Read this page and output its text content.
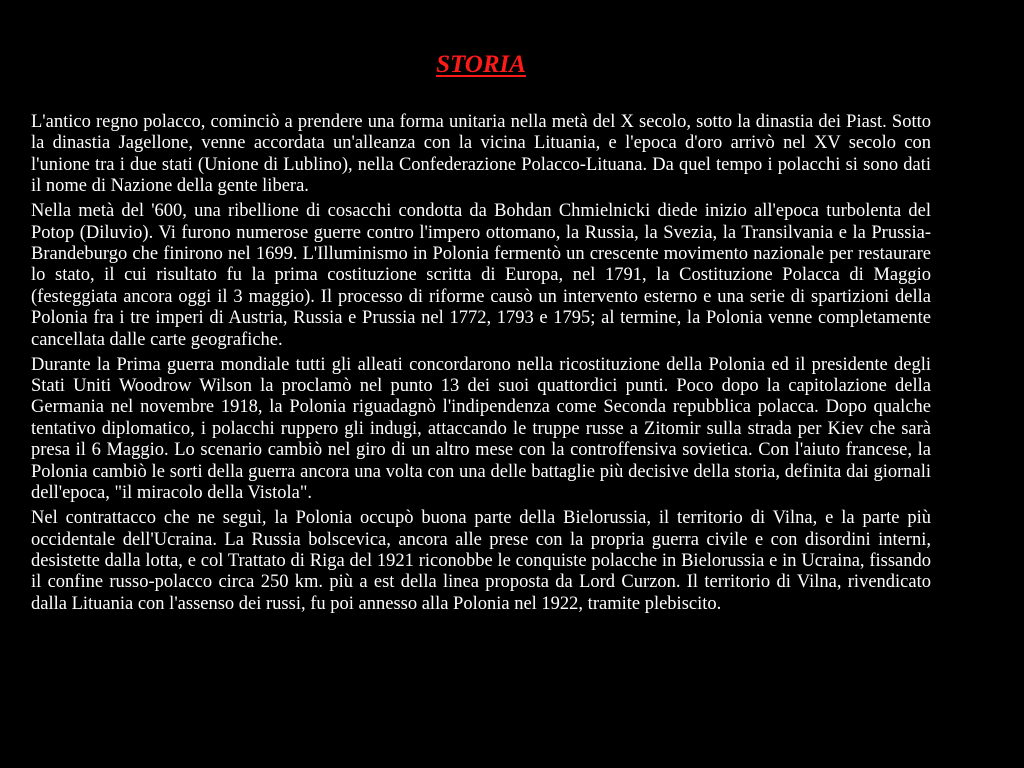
STORIA

L'antico regno polacco, cominciò a prendere una forma unitaria nella metà del X secolo, sotto la dinastia dei Piast. Sotto la dinastia Jagellone, venne accordata un'alleanza con la vicina Lituania, e l'epoca d'oro arrivò nel XV secolo con l'unione tra i due stati (Unione di Lublino), nella Confederazione Polacco-Lituana. Da quel tempo i polacchi si sono dati il nome di Nazione della gente libera.

Nella metà del '600, una ribellione di cosacchi condotta da Bohdan Chmielnicki diede inizio all'epoca turbolenta del Potop (Diluvio). Vi furono numerose guerre contro l'impero ottomano, la Russia, la Svezia, la Transilvania e la Prussia-Brandeburgo che finirono nel 1699. L'Illuminismo in Polonia fermentò un crescente movimento nazionale per restaurare lo stato, il cui risultato fu la prima costituzione scritta di Europa, nel 1791, la Costituzione Polacca di Maggio (festeggiata ancora oggi il 3 maggio). Il processo di riforme causò un intervento esterno e una serie di spartizioni della Polonia fra i tre imperi di Austria, Russia e Prussia nel 1772, 1793 e 1795; al termine, la Polonia venne completamente cancellata dalle carte geografiche.

Durante la Prima guerra mondiale tutti gli alleati concordarono nella ricostituzione della Polonia ed il presidente degli Stati Uniti Woodrow Wilson la proclamò nel punto 13 dei suoi quattordici punti. Poco dopo la capitolazione della Germania nel novembre 1918, la Polonia riguadagnò l'indipendenza come Seconda repubblica polacca. Dopo qualche tentativo diplomatico, i polacchi ruppero gli indugi, attaccando le truppe russe a Zitomir sulla strada per Kiev che sarà presa il 6 Maggio. Lo scenario cambiò nel giro di un altro mese con la controffensiva sovietica. Con l'aiuto francese, la Polonia cambiò le sorti della guerra ancora una volta con una delle battaglie più decisive della storia, definita dai giornali dell'epoca, "il miracolo della Vistola".

Nel contrattacco che ne seguì, la Polonia occupò buona parte della Bielorussia, il territorio di Vilna, e la parte più occidentale dell'Ucraina. La Russia bolscevica, ancora alle prese con la propria guerra civile e con disordini interni, desistette dalla lotta, e col Trattato di Riga del 1921 riconobbe le conquiste polacche in Bielorussia e in Ucraina, fissando il confine russo-polacco circa 250 km. più a est della linea proposta da Lord Curzon. Il territorio di Vilna, rivendicato dalla Lituania con l'assenso dei russi, fu poi annesso alla Polonia nel 1922, tramite plebiscito.
